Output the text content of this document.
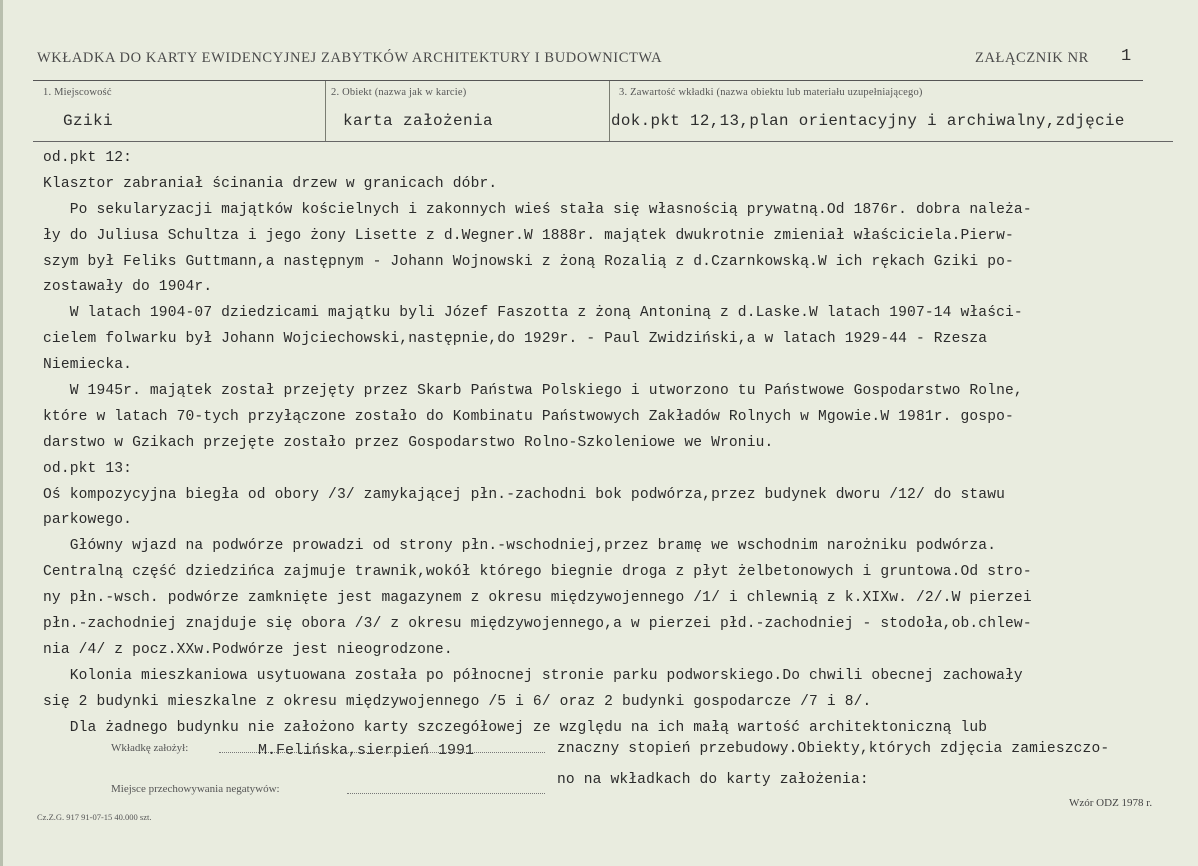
WKŁADKA DO KARTY EWIDENCYJNEJ ZABYTKÓW ARCHITEKTURY I BUDOWNICTWA	ZAŁĄCZNIK NR 1
1. Miejscowość
Gziki
2. Obiekt (nazwa jak w karcie)
karta założenia
3. Zawartość wkładki (nazwa obiektu lub materiału uzupełniającego)
dok.pkt 12,13,plan orientacyjny i archiwalny,zdjęcie
od.pkt 12:
Klasztor zabraniał ścinania drzew w granicach dóbr.
Po sekularyzacji majątków kościelnych i zakonnych wieś stała się własnością prywatną.Od 1876r. dobra należa-
ły do Juliusa Schultza i jego żony Lisette z d.Wegner.W 1888r. majątek dwukrotnie zmieniał właściciela.Pierw-
szym był Feliks Guttmann,a następnym - Johann Wojnowski z żoną Rozalią z d.Czarnkowską.W ich rękach Gziki po-
zostawały do 1904r.
W latach 1904-07 dziedzicami majątku byli Józef Faszotta z żoną Antoniną z d.Laske.W latach 1907-14 właści-
cielem folwarku był Johann Wojciechowski,następnie,do 1929r. - Paul Zwidziński,a w latach 1929-44 - Rzesza
Niemiecka.
W 1945r. majątek został przejęty przez Skarb Państwa Polskiego i utworzono tu Państwowe Gospodarstwo Rolne,
które w latach 70-tych przyłączone zostało do Kombinatu Państwowych Zakładów Rolnych w Mgowie.W 1981r. gospo-
darstwo w Gzikach przejęte zostało przez Gospodarstwo Rolno-Szkoleniowe we Wroniu.
od.pkt 13:
Oś kompozycyjna biegła od obory /3/ zamykającej płn.-zachodni bok podwórza,przez budynek dworu /12/ do stawu
parkowego.
Główny wjazd na podwórze prowadzi od strony płn.-wschodniej,przez bramę we wschodnim narożniku podwórza.
Centralną część dziedzińca zajmuje trawnik,wokół którego biegnie droga z płyt żelbetonowych i gruntowa.Od stro-
ny płn.-wsch. podwórze zamknięte jest magazynem z okresu międzywojennego /1/ i chlewnią z k.XIXw. /2/.W pierzei
płn.-zachodniej znajduje się obora /3/ z okresu międzywojennego,a w pierzei płd.-zachodniej - stodoła,ob.chlew-
nia /4/ z pocz.XXw.Podwórze jest nieogrodzone.
Kolonia mieszkaniowa usytuowana została po północnej stronie parku podworskiego.Do chwili obecnej zachowały
się 2 budynki mieszkalne z okresu międzywojennego /5 i 6/ oraz 2 budynki gospodarcze /7 i 8/.
Dla żadnego budynku nie założono karty szczegółowej ze względu na ich małą wartość architektoniczną lub
Wkładkę założył:	M.Felińska,sierpień 1991	znaczny stopień przebudowy.Obiekty,których zdjęcia zamieszczo-
no na wkładkach do karty założenia:
Miejsce przechowywania negatywów:
Cz.Z.G. 917 91-07-15 40.000 szt.
Wzór ODZ 1978 r.
